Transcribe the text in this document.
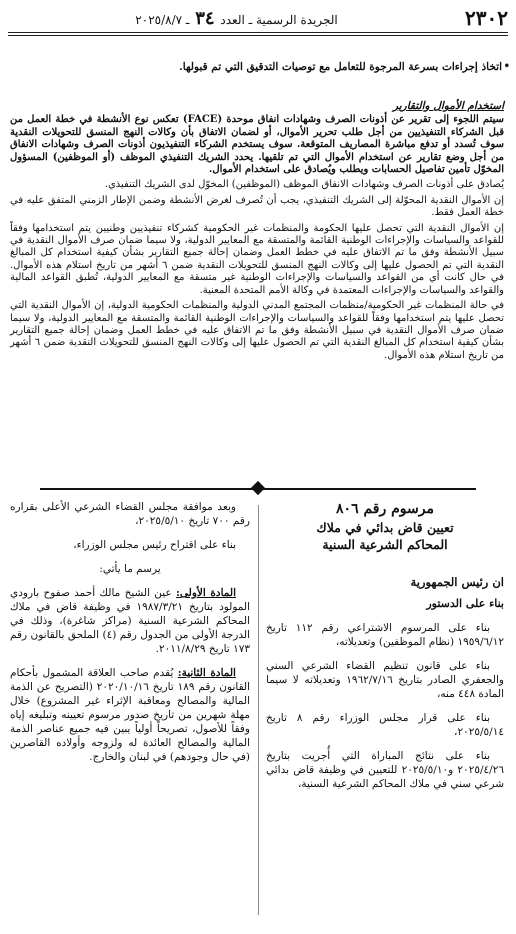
٢٣٠٢
الجريدة الرسمية ـ العدد ٣٤ ـ ٢٠٢٥/٨/٧
•
اتخاذ إجراءات بسرعة المرجوة للتعامل مع توصيات التدقيق التي تم قبولها.
استخدام الأموال والتقارير

سيتم اللجوء إلى تقرير عن أذونات الصرف وشهادات انفاق موحدة (FACE) تعكس نوع الأنشطة في خطة العمل من قبل الشركاء التنفيذيين من أجل طلب تحرير الأموال، أو لضمان الاتفاق بأن وكالات النهج المنسق للتحويلات النقدية سوف تُسدد أو تدفع مباشرة المصاريف المتوقعة. سوف يستخدم الشركاء التنفيذيون أذونات الصرف وشهادات الانفاق من أجل وضع تقارير عن استخدام الأموال التي تم تلقيها. يحدد الشريك التنفيذي الموظف (أو الموظفين) المسؤول المخوّل تأمين تفاصيل الحسابات ويطلب ويُصادق على استخدام الأموال.

يُصادق على أذونات الصرف وشهادات الانفاق الموظف (الموظفين) المخوّل لدى الشريك التنفيذي.

إن الأموال النقدية المحوّلة إلى الشريك التنفيذي، يجب أن تُصرف لغرض الأنشطة وضمن الإطار الزمني المتفق عليه في خطة العمل فقط.

إن الأموال النقدية التي تحصل عليها الحكومة والمنظمات غير الحكومية كشركاء تنفيذيين وطنيين يتم استخدامها وفقاً للقواعد والسياسات والإجراءات الوطنية القائمة والمتسقة مع المعايير الدولية، ولا سيما ضمان صرف الأموال النقدية في سبيل الأنشطة وفق ما تم الاتفاق عليه في خطط العمل وضمان إحالة جميع التقارير بشأن كيفية استخدام كل المبالغ النقدية التي تم الحصول عليها إلى وكالات النهج المنسق للتحويلات النقدية ضمن ٦ أشهر من تاريخ استلام هذه الأموال. في حال كانت أي من القواعد والسياسات والإجراءات الوطنية غير متسقة مع المعايير الدولية، تُطبق القواعد المالية والقواعد والسياسات والإجراءات المعتمدة في وكالة الأمم المتحدة المعنية.

في حالة المنظمات غير الحكومية/منظمات المجتمع المدني الدولية والمنظمات الحكومية الدولية، إن الأموال النقدية التي تحصل عليها يتم استخدامها وفقاً للقواعد والسياسات والإجراءات الوطنية القائمة والمتسقة مع المعايير الدولية، ولا سيما ضمان صرف الأموال النقدية في سبيل الأنشطة وفق ما تم الاتفاق عليه في خطط العمل وضمان إحالة جميع التقارير بشأن كيفية استخدام كل المبالغ النقدية التي تم الحصول عليها إلى وكالات النهج المنسق للتحويلات النقدية ضمن ٦ أشهر من تاريخ استلام هذه الأموال.

مرسوم رقم ٨٠٦
تعيين قاض بدائي في ملاك
المحاكم الشرعية السنية
ان رئيس الجمهورية
بناء على الدستور

بناء على المرسوم الاشتراعي رقم ١١٢ تاريخ ١٩٥٩/٦/١٢ (نظام الموظفين) وتعديلاته،

بناء على قانون تنظيم القضاء الشرعي السني والجعفري الصادر بتاريخ ١٩٦٢/٧/١٦ وتعديلاته لا سيما المادة ٤٤٨ منه،

بناء على قرار مجلس الوزراء رقم ٨ تاريخ ٢٠٢٥/٥/١٤،

بناء على نتائج المباراة التي أُجريت بتاريخ ٢٠٢٥/٤/٢٦ و٢٠٢٥/٥/١٠ للتعيين في وظيفة قاض بدائي شرعي سني في ملاك المحاكم الشرعية السنية،

وبعد موافقة مجلس القضاء الشرعي الأعلى بقراره رقم ٧٠٠ تاريخ ٢٠٢٥/٥/١٠،

بناء على اقتراح رئيس مجلس الوزراء،

يرسم ما يأتي:

المادة الأولى: عين الشيخ مالك أحمد صفوح بارودي المولود بتاريخ ١٩٨٧/٣/٢١ في وظيفة قاض في ملاك المحاكم الشرعية السنية (مراكز شاغرة)، وذلك في الدرجة الأولى من الجدول رقم (٤) الملحق بالقانون رقم ١٧٣ تاريخ ٢٠١١/٨/٢٩.

المادة الثانية: يُقدم صاحب العلاقة المشمول بأحكام القانون رقم ١٨٩ تاريخ ٢٠٢٠/١٠/١٦ (التصريح عن الذمة المالية والمصالح ومعاقبة الإثراء غير المشروع) خلال مهلة شهرين من تاريخ صدور مرسوم تعيينه وتبليغه إياه وفقاً للأصول، تصريحاً أولياً يبين فيه جميع عناصر الذمة المالية والمصالح العائدة له ولزوجه وأولاده القاصرين (في حال وجودهم) في لبنان والخارج.
